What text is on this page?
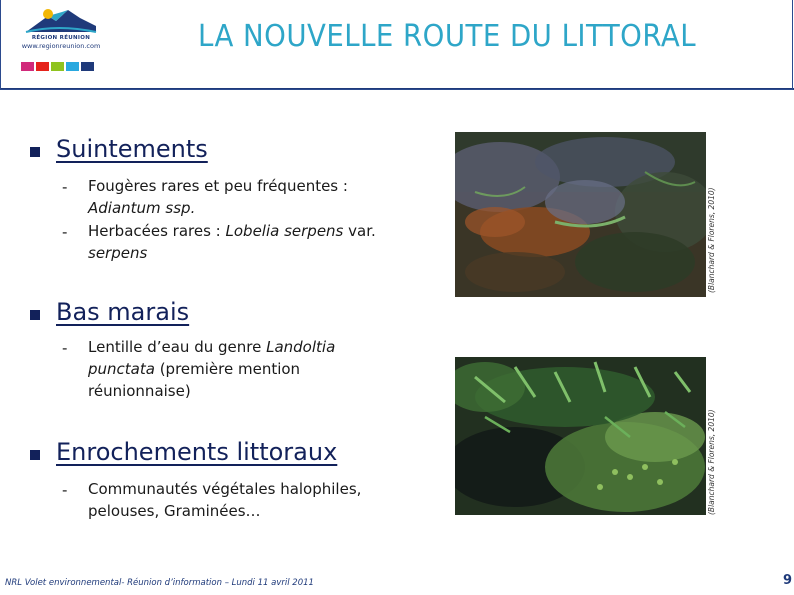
RÉGION RÉUNION
www.regionreunion.com	LA NOUVELLE ROUTE DU LITTORAL
Suintements
- Fougères rares et peu fréquentes :
Adiantum ssp.
- Herbacées rares : Lobelia serpens var.
serpens
Bas marais
- Lentille d’eau du genre Landoltia
punctata (première mention
réunionnaise)
Enrochements littoraux
- Communautés végétales halophiles,
pelouses, Graminées…
(Blanchard & Florens, 2010)
(Blanchard & Florens, 2010)
NRL Volet environnemental- Réunion d’information – Lundi 11 avril 2011	9
